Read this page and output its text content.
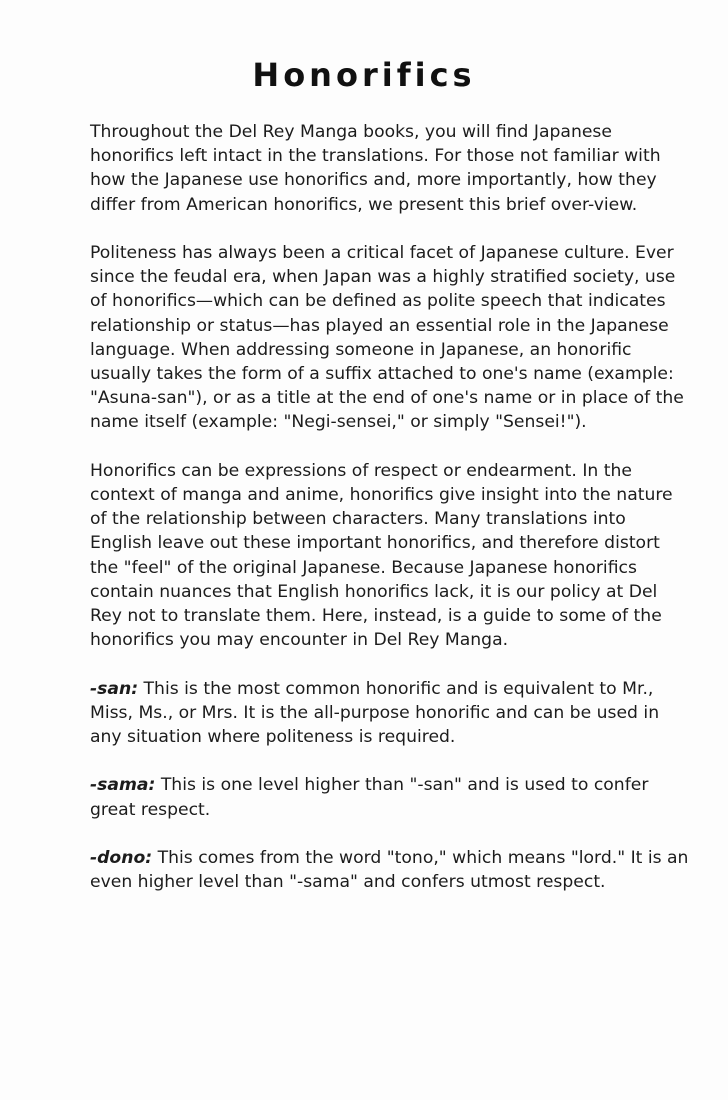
Honorifics

Throughout the Del Rey Manga books, you will find Japanese honorifics left intact in the translations. For those not familiar with how the Japanese use honorifics and, more importantly, how they differ from American honorifics, we present this brief over-view.

Politeness has always been a critical facet of Japanese culture. Ever since the feudal era, when Japan was a highly stratified society, use of honorifics—which can be defined as polite speech that indicates relationship or status—has played an essential role in the Japanese language. When addressing someone in Japanese, an honorific usually takes the form of a suffix attached to one's name (example: "Asuna-san"), or as a title at the end of one's name or in place of the name itself (example: "Negi-sensei," or simply "Sensei!").

Honorifics can be expressions of respect or endearment. In the context of manga and anime, honorifics give insight into the nature of the relationship between characters. Many translations into English leave out these important honorifics, and therefore distort the "feel" of the original Japanese. Because Japanese honorifics contain nuances that English honorifics lack, it is our policy at Del Rey not to translate them. Here, instead, is a guide to some of the honorifics you may encounter in Del Rey Manga.

-san: This is the most common honorific and is equivalent to Mr., Miss, Ms., or Mrs. It is the all-purpose honorific and can be used in any situation where politeness is required.

-sama: This is one level higher than "-san" and is used to confer great respect.

-dono: This comes from the word "tono," which means "lord." It is an even higher level than "-sama" and confers utmost respect.
